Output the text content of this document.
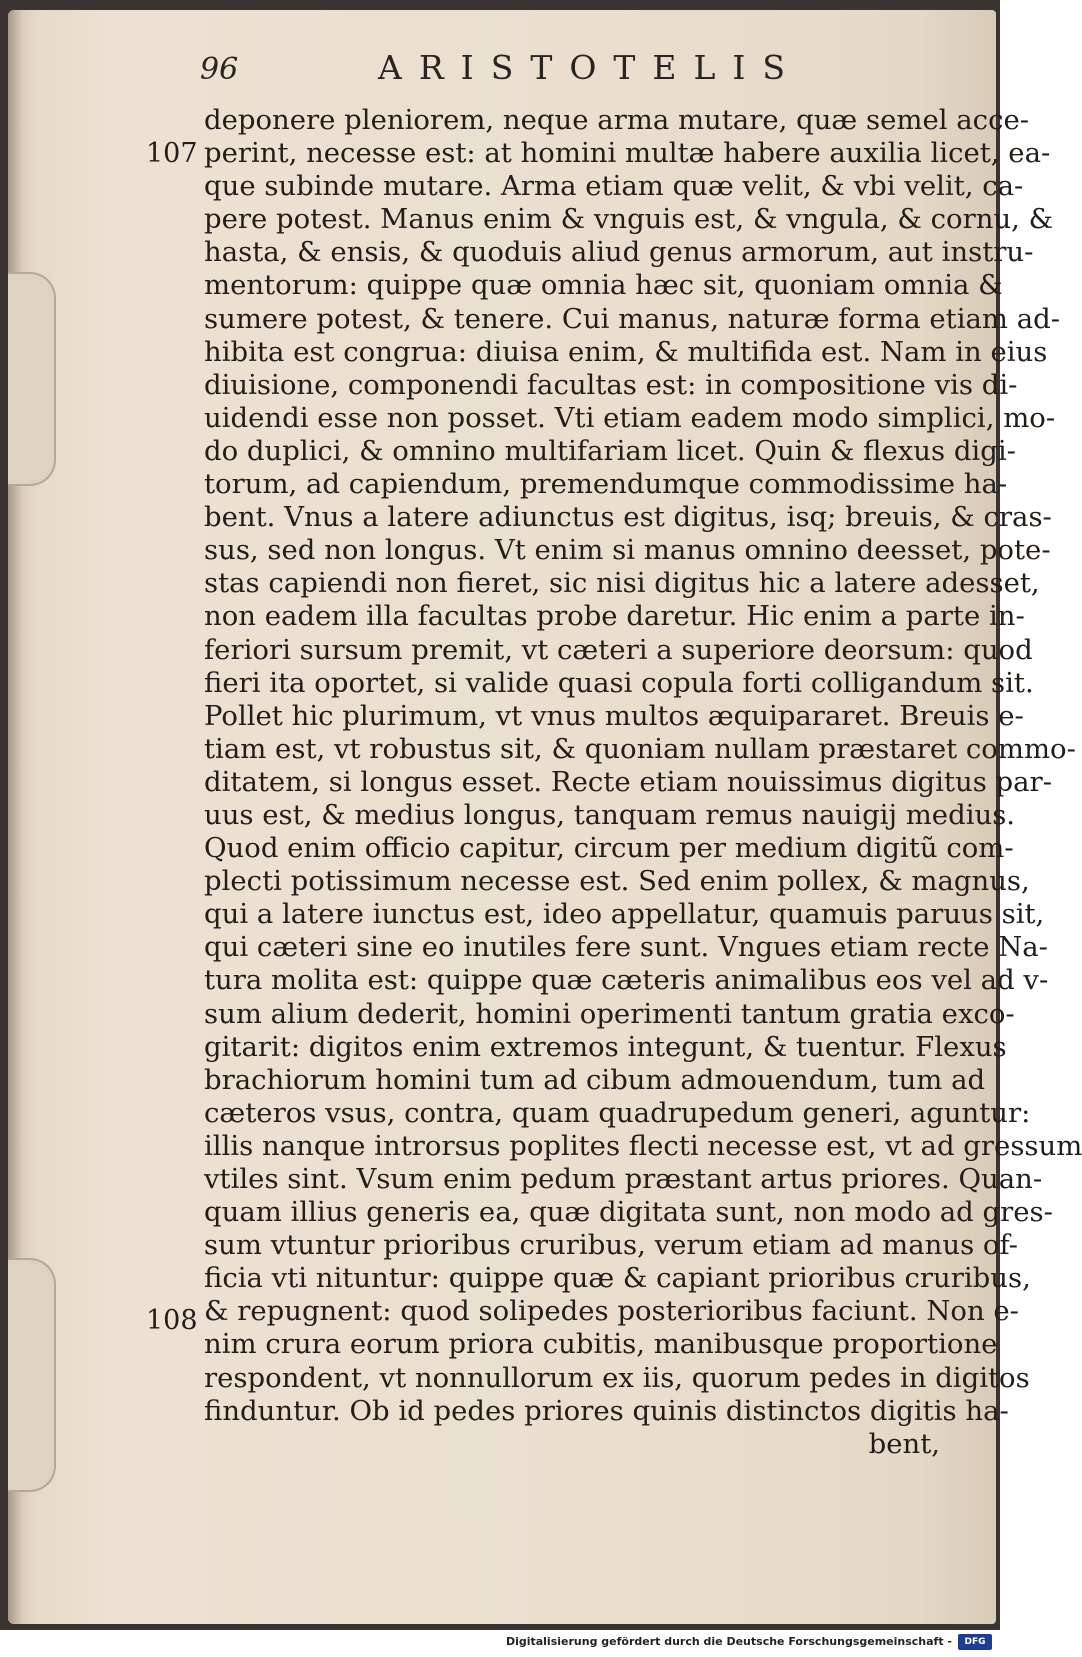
96	ARISTOTELIS
107
108
deponere pleniorem, neque arma mutare, quæ semel acce-
perint, necesse est: at homini multæ habere auxilia licet, ea-
que subinde mutare. Arma etiam quæ velit, & vbi velit, ca-
pere potest. Manus enim & vnguis est, & vngula, & cornu, &
hasta, & ensis, & quoduis aliud genus armorum, aut instru-
mentorum: quippe quæ omnia hæc sit, quoniam omnia &
sumere potest, & tenere. Cui manus, naturæ forma etiam ad-
hibita est congrua: diuisa enim, & multifida est. Nam in eius
diuisione, componendi facultas est: in compositione vis di-
uidendi esse non posset. Vti etiam eadem modo simplici, mo-
do duplici, & omnino multifariam licet. Quin & flexus digi-
torum, ad capiendum, premendumque commodissime ha-
bent. Vnus a latere adiunctus est digitus, isq; breuis, & cras-
sus, sed non longus. Vt enim si manus omnino deesset, pote-
stas capiendi non fieret, sic nisi digitus hic a latere adesset,
non eadem illa facultas probe daretur. Hic enim a parte in-
feriori sursum premit, vt cæteri a superiore deorsum: quod
fieri ita oportet, si valide quasi copula forti colligandum sit.
Pollet hic plurimum, vt vnus multos æquipararet. Breuis e-
tiam est, vt robustus sit, & quoniam nullam præstaret commo-
ditatem, si longus esset. Recte etiam nouissimus digitus par-
uus est, & medius longus, tanquam remus nauigij medius.
Quod enim officio capitur, circum per medium digitũ com-
plecti potissimum necesse est. Sed enim pollex, & magnus,
qui a latere iunctus est, ideo appellatur, quamuis paruus sit,
qui cæteri sine eo inutiles fere sunt. Vngues etiam recte Na-
tura molita est: quippe quæ cæteris animalibus eos vel ad v-
sum alium dederit, homini operimenti tantum gratia exco-
gitarit: digitos enim extremos integunt, & tuentur. Flexus
brachiorum homini tum ad cibum admouendum, tum ad
cæteros vsus, contra, quam quadrupedum generi, aguntur:
illis nanque introrsus poplites flecti necesse est, vt ad gressum
vtiles sint. Vsum enim pedum præstant artus priores. Quan-
quam illius generis ea, quæ digitata sunt, non modo ad gres-
sum vtuntur prioribus cruribus, verum etiam ad manus of-
ficia vti nituntur: quippe quæ & capiant prioribus cruribus,
& repugnent: quod solipedes posterioribus faciunt. Non e-
nim crura eorum priora cubitis, manibusque proportione
respondent, vt nonnullorum ex iis, quorum pedes in digitos
finduntur. Ob id pedes priores quinis distinctos digitis ha-
bent,
Digitalisierung gefördert durch die Deutsche Forschungsgemeinschaft -	DFG
